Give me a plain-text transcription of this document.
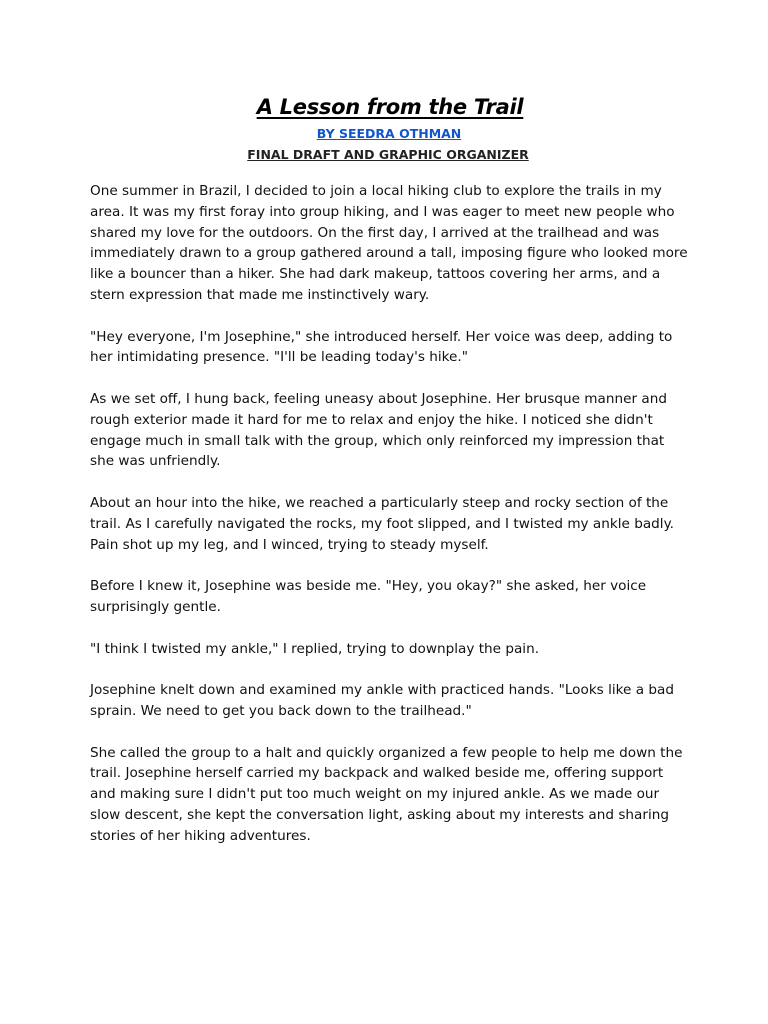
A Lesson from the Trail
BY SEEDRA OTHMAN
FINAL DRAFT AND GRAPHIC ORGANIZER

One summer in Brazil, I decided to join a local hiking club to explore the trails in my area. It was my first foray into group hiking, and I was eager to meet new people who shared my love for the outdoors. On the first day, I arrived at the trailhead and was immediately drawn to a group gathered around a tall, imposing figure who looked more like a bouncer than a hiker. She had dark makeup, tattoos covering her arms, and a stern expression that made me instinctively wary.

"Hey everyone, I'm Josephine," she introduced herself. Her voice was deep, adding to her intimidating presence. "I'll be leading today's hike."

As we set off, I hung back, feeling uneasy about Josephine. Her brusque manner and rough exterior made it hard for me to relax and enjoy the hike. I noticed she didn't engage much in small talk with the group, which only reinforced my impression that she was unfriendly.

About an hour into the hike, we reached a particularly steep and rocky section of the trail. As I carefully navigated the rocks, my foot slipped, and I twisted my ankle badly. Pain shot up my leg, and I winced, trying to steady myself.

Before I knew it, Josephine was beside me. "Hey, you okay?" she asked, her voice surprisingly gentle.

"I think I twisted my ankle," I replied, trying to downplay the pain.

Josephine knelt down and examined my ankle with practiced hands. "Looks like a bad sprain. We need to get you back down to the trailhead."

She called the group to a halt and quickly organized a few people to help me down the trail. Josephine herself carried my backpack and walked beside me, offering support and making sure I didn't put too much weight on my injured ankle. As we made our slow descent, she kept the conversation light, asking about my interests and sharing stories of her hiking adventures.
